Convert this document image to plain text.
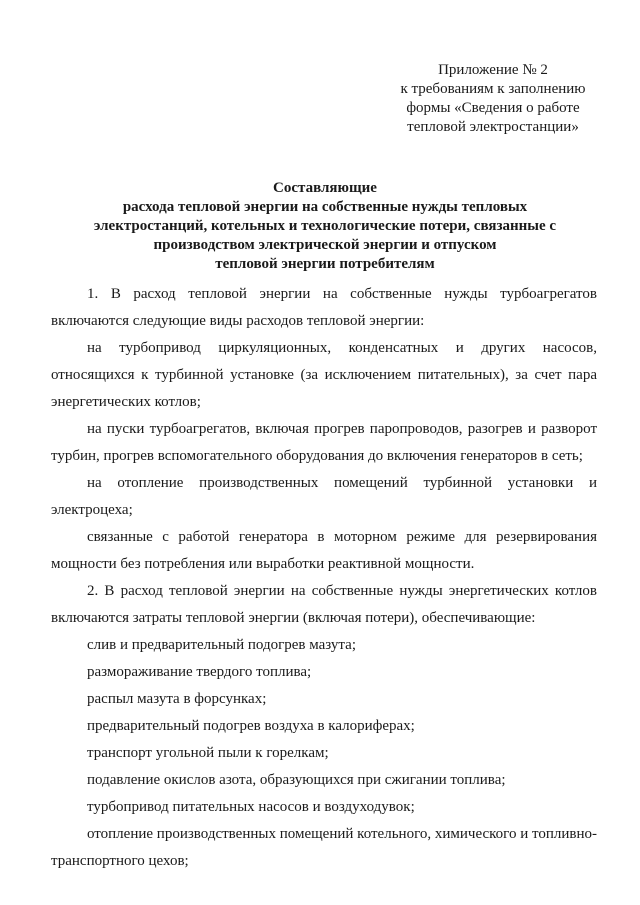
Приложение № 2
к требованиям к заполнению
формы «Сведения о работе
тепловой электростанции»
Составляющие
расхода тепловой энергии на собственные нужды тепловых
электростанций, котельных и технологические потери, связанные с
производством электрической энергии и отпуском
тепловой энергии потребителям

1. В расход тепловой энергии на собственные нужды турбоагрегатов включаются следующие виды расходов тепловой энергии:

на турбопривод циркуляционных, конденсатных и других насосов, относящихся к турбинной установке (за исключением питательных), за счет пара энергетических котлов;

на пуски турбоагрегатов, включая прогрев паропроводов, разогрев и разворот турбин, прогрев вспомогательного оборудования до включения генераторов в сеть;

на отопление производственных помещений турбинной установки и электроцеха;

связанные с работой генератора в моторном режиме для резервирования мощности без потребления или выработки реактивной мощности.

2. В расход тепловой энергии на собственные нужды энергетических котлов включаются затраты тепловой энергии (включая потери), обеспечивающие:

слив и предварительный подогрев мазута;

размораживание твердого топлива;

распыл мазута в форсунках;

предварительный подогрев воздуха в калориферах;

транспорт угольной пыли к горелкам;

подавление окислов азота, образующихся при сжигании топлива;

турбопривод питательных насосов и воздуходувок;

отопление производственных помещений котельного, химического и топливно-транспортного цехов;
